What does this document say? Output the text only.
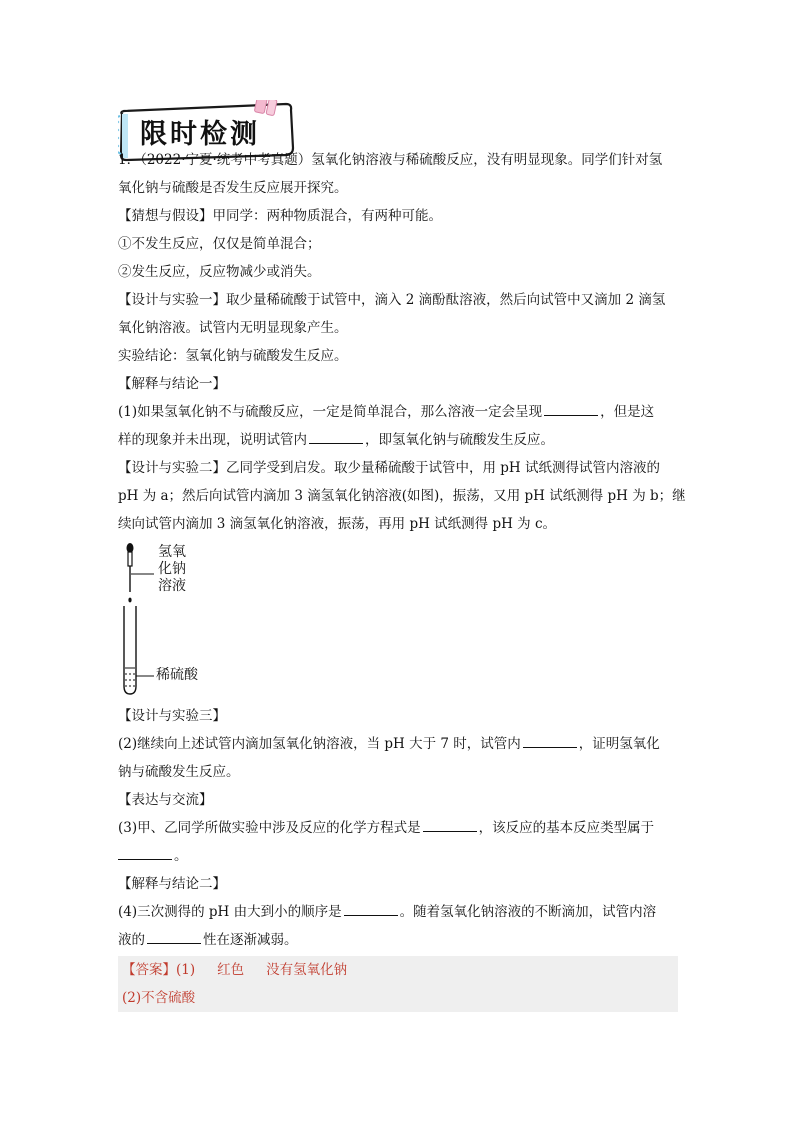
限时检测

1．（2022·宁夏·统考中考真题）氢氧化钠溶液与稀硫酸反应，没有明显现象。同学们针对氢

氧化钠与硫酸是否发生反应展开探究。

【猜想与假设】甲同学：两种物质混合，有两种可能。

①不发生反应，仅仅是简单混合；

②发生反应，反应物减少或消失。

【设计与实验一】取少量稀硫酸于试管中，滴入 2 滴酚酞溶液，然后向试管中又滴加 2 滴氢

氧化钠溶液。试管内无明显现象产生。

实验结论：氢氧化钠与硫酸发生反应。

【解释与结论一】

(1)如果氢氧化钠不与硫酸反应，一定是简单混合，那么溶液一定会呈现	，但是这

样的现象并未出现，说明试管内	，即氢氧化钠与硫酸发生反应。

【设计与实验二】乙同学受到启发。取少量稀硫酸于试管中，用 pH 试纸测得试管内溶液的

pH 为 a；然后向试管内滴加 3 滴氢氧化钠溶液(如图)，振荡，又用 pH 试纸测得 pH 为 b；继

续向试管内滴加 3 滴氢氧化钠溶液，振荡，再用 pH 试纸测得 pH 为 c。

氢氧
化钠
溶液
稀硫酸

【设计与实验三】

(2)继续向上述试管内滴加氢氧化钠溶液，当 pH 大于 7 时，试管内	，证明氢氧化

钠与硫酸发生反应。

【表达与交流】

(3)甲、乙同学所做实验中涉及反应的化学方程式是	，该反应的基本反应类型属于

。

【解释与结论二】

(4)三次测得的 pH 由大到小的顺序是	。随着氢氧化钠溶液的不断滴加，试管内溶

液的	性在逐渐减弱。

【答案】(1) 红色 没有氢氧化钠

(2)不含硫酸
